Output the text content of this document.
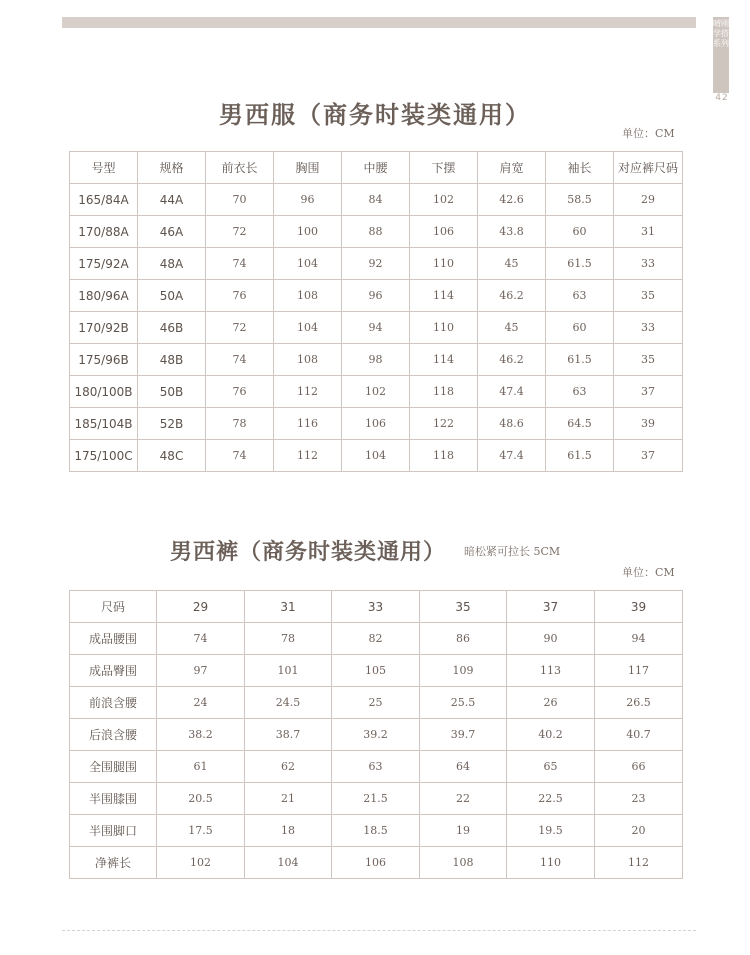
晴刚学搭系列
42
男西服（商务时装类通用）
单位：CM
号型	规格	前衣长	胸围	中腰	下摆	肩宽	袖长	对应裤尺码
165/84A	44A	70	96	84	102	42.6	58.5	29
170/88A	46A	72	100	88	106	43.8	60	31
175/92A	48A	74	104	92	110	45	61.5	33
180/96A	50A	76	108	96	114	46.2	63	35
170/92B	46B	72	104	94	110	45	60	33
175/96B	48B	74	108	98	114	46.2	61.5	35
180/100B	50B	76	112	102	118	47.4	63	37
185/104B	52B	78	116	106	122	48.6	64.5	39
175/100C	48C	74	112	104	118	47.4	61.5	37
男西裤（商务时装类通用） 暗松紧可拉长 5CM
单位：CM
尺码	29	31	33	35	37	39
成品腰围	74	78	82	86	90	94
成品臀围	97	101	105	109	113	117
前浪含腰	24	24.5	25	25.5	26	26.5
后浪含腰	38.2	38.7	39.2	39.7	40.2	40.7
全围腿围	61	62	63	64	65	66
半围膝围	20.5	21	21.5	22	22.5	23
半围脚口	17.5	18	18.5	19	19.5	20
净裤长	102	104	106	108	110	112
